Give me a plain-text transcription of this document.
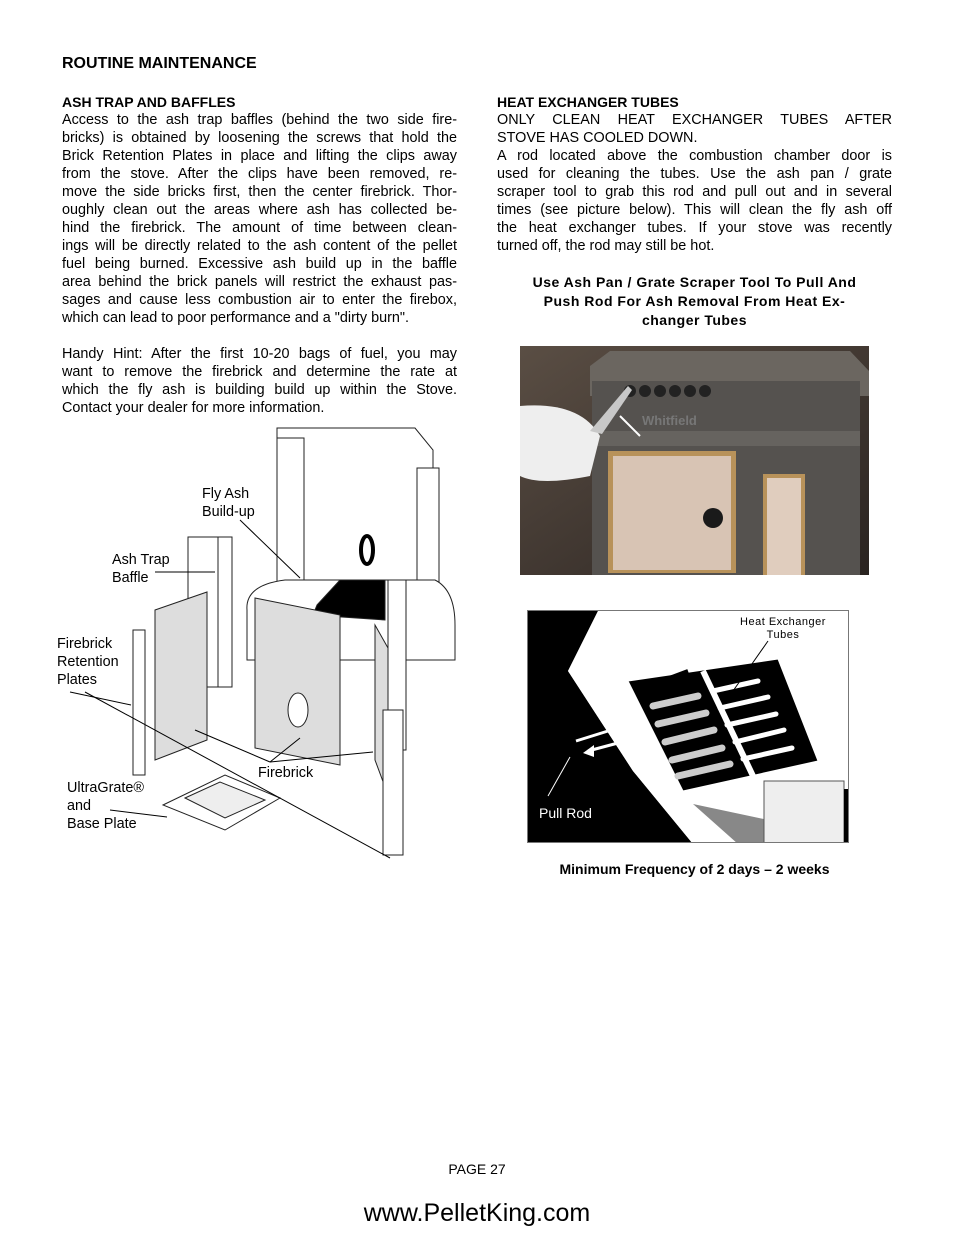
ROUTINE MAINTENANCE
ASH TRAP AND BAFFLES
Access to the ash trap baffles (behind the two side fire-
bricks) is obtained by loosening the screws that hold the
Brick Retention Plates in place and lifting the clips away
from the stove. After the clips have been removed, re-
move the side bricks first, then the center firebrick. Thor-
oughly clean out the areas where ash has collected be-
hind the firebrick. The amount of time between clean-
ings will be directly related to the ash content of the pellet
fuel being burned. Excessive ash build up in the baffle
area behind the brick panels will restrict the exhaust pas-
sages and cause less combustion air to enter the firebox,
which can lead to poor performance and a "dirty burn".
Handy Hint: After the first 10-20 bags of fuel, you may
want to remove the firebrick and determine the rate at
which the fly ash is building build up within the Stove.
Contact your dealer for more information.
Fly Ash
Build-up
Ash Trap
Baffle
Firebrick
Retention
Plates
Firebrick
UltraGrate®
and
Base Plate
HEAT EXCHANGER TUBES
ONLY CLEAN HEAT EXCHANGER TUBES AFTER
STOVE HAS COOLED DOWN.
A rod located above the combustion chamber door is
used for cleaning the tubes. Use the ash pan / grate
scraper tool to grab this rod and pull out and in several
times (see picture below). This will clean the fly ash off
the heat exchanger tubes. If your stove was recently
turned off, the rod may still be hot.
Use Ash Pan / Grate Scraper Tool To Pull And
Push Rod For Ash Removal From Heat Ex-
changer Tubes
Whitfield
Heat Exchanger
Tubes
Pull Rod
Minimum Frequency of 2 days – 2 weeks
PAGE 27
www.PelletKing.com
